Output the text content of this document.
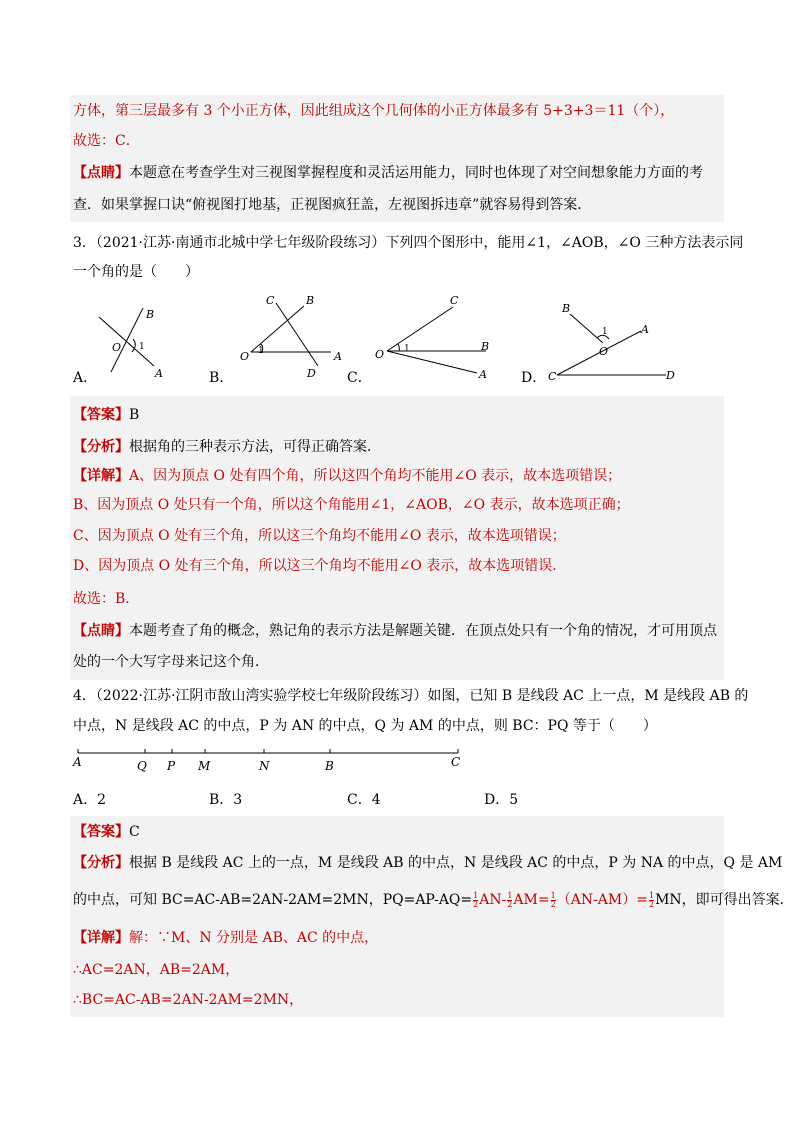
方体，第三层最多有 3 个小正方体，因此组成这个几何体的小正方体最多有 5+3+3＝11（个），
故选：C．
【点睛】本题意在考查学生对三视图掌握程度和灵活运用能力，同时也体现了对空间想象能力方面的考
查．如果掌握口诀“俯视图打地基，正视图疯狂盖，左视图拆违章”就容易得到答案．
3．（2021·江苏·南通市北城中学七年级阶段练习）下列四个图形中，能用∠1，∠AOB，∠O 三种方法表示同
一个角的是（　　）
B
O 1
A
C	B
O 1	A
D
C
O 1	B
A
B
1	A
O
C	D
A．	B．	C．	D．
【答案】B
【分析】根据角的三种表示方法，可得正确答案．
【详解】A、因为顶点 O 处有四个角，所以这四个角均不能用∠O 表示，故本选项错误；
B、因为顶点 O 处只有一个角，所以这个角能用∠1，∠AOB，∠O 表示，故本选项正确；
C、因为顶点 O 处有三个角，所以这三个角均不能用∠O 表示，故本选项错误；
D、因为顶点 O 处有三个角，所以这三个角均不能用∠O 表示，故本选项错误．
故选：B．
【点睛】本题考查了角的概念，熟记角的表示方法是解题关键．在顶点处只有一个角的情况，才可用顶点
处的一个大写字母来记这个角．
4．（2022·江苏·江阴市敔山湾实验学校七年级阶段练习）如图，已知 B 是线段 AC 上一点，M 是线段 AB 的
中点，N 是线段 AC 的中点，P 为 AN 的中点，Q 为 AM 的中点，则 BC：PQ 等于（　　）
A	Q P M	N	B	C
A．2	B．3	C．4	D．5
【答案】C
【分析】根据 B 是线段 AC 上的一点，M 是线段 AB 的中点，N 是线段 AC 的中点，P 为 NA 的中点，Q 是 AM
的中点，可知 BC=AC-AB=2AN-2AM=2MN，$PQ=AP-AQ= \frac{1}{2} AN- \frac{1}{2} AM= \frac{1}{2} (AN-AM)= \frac{1}{2}$ MN，即可得出答案．
【详解】解：∵M、N 分别是 AB、AC 的中点，
∴AC=2AN，AB=2AM，
∴BC=AC-AB=2AN-2AM=2MN，
